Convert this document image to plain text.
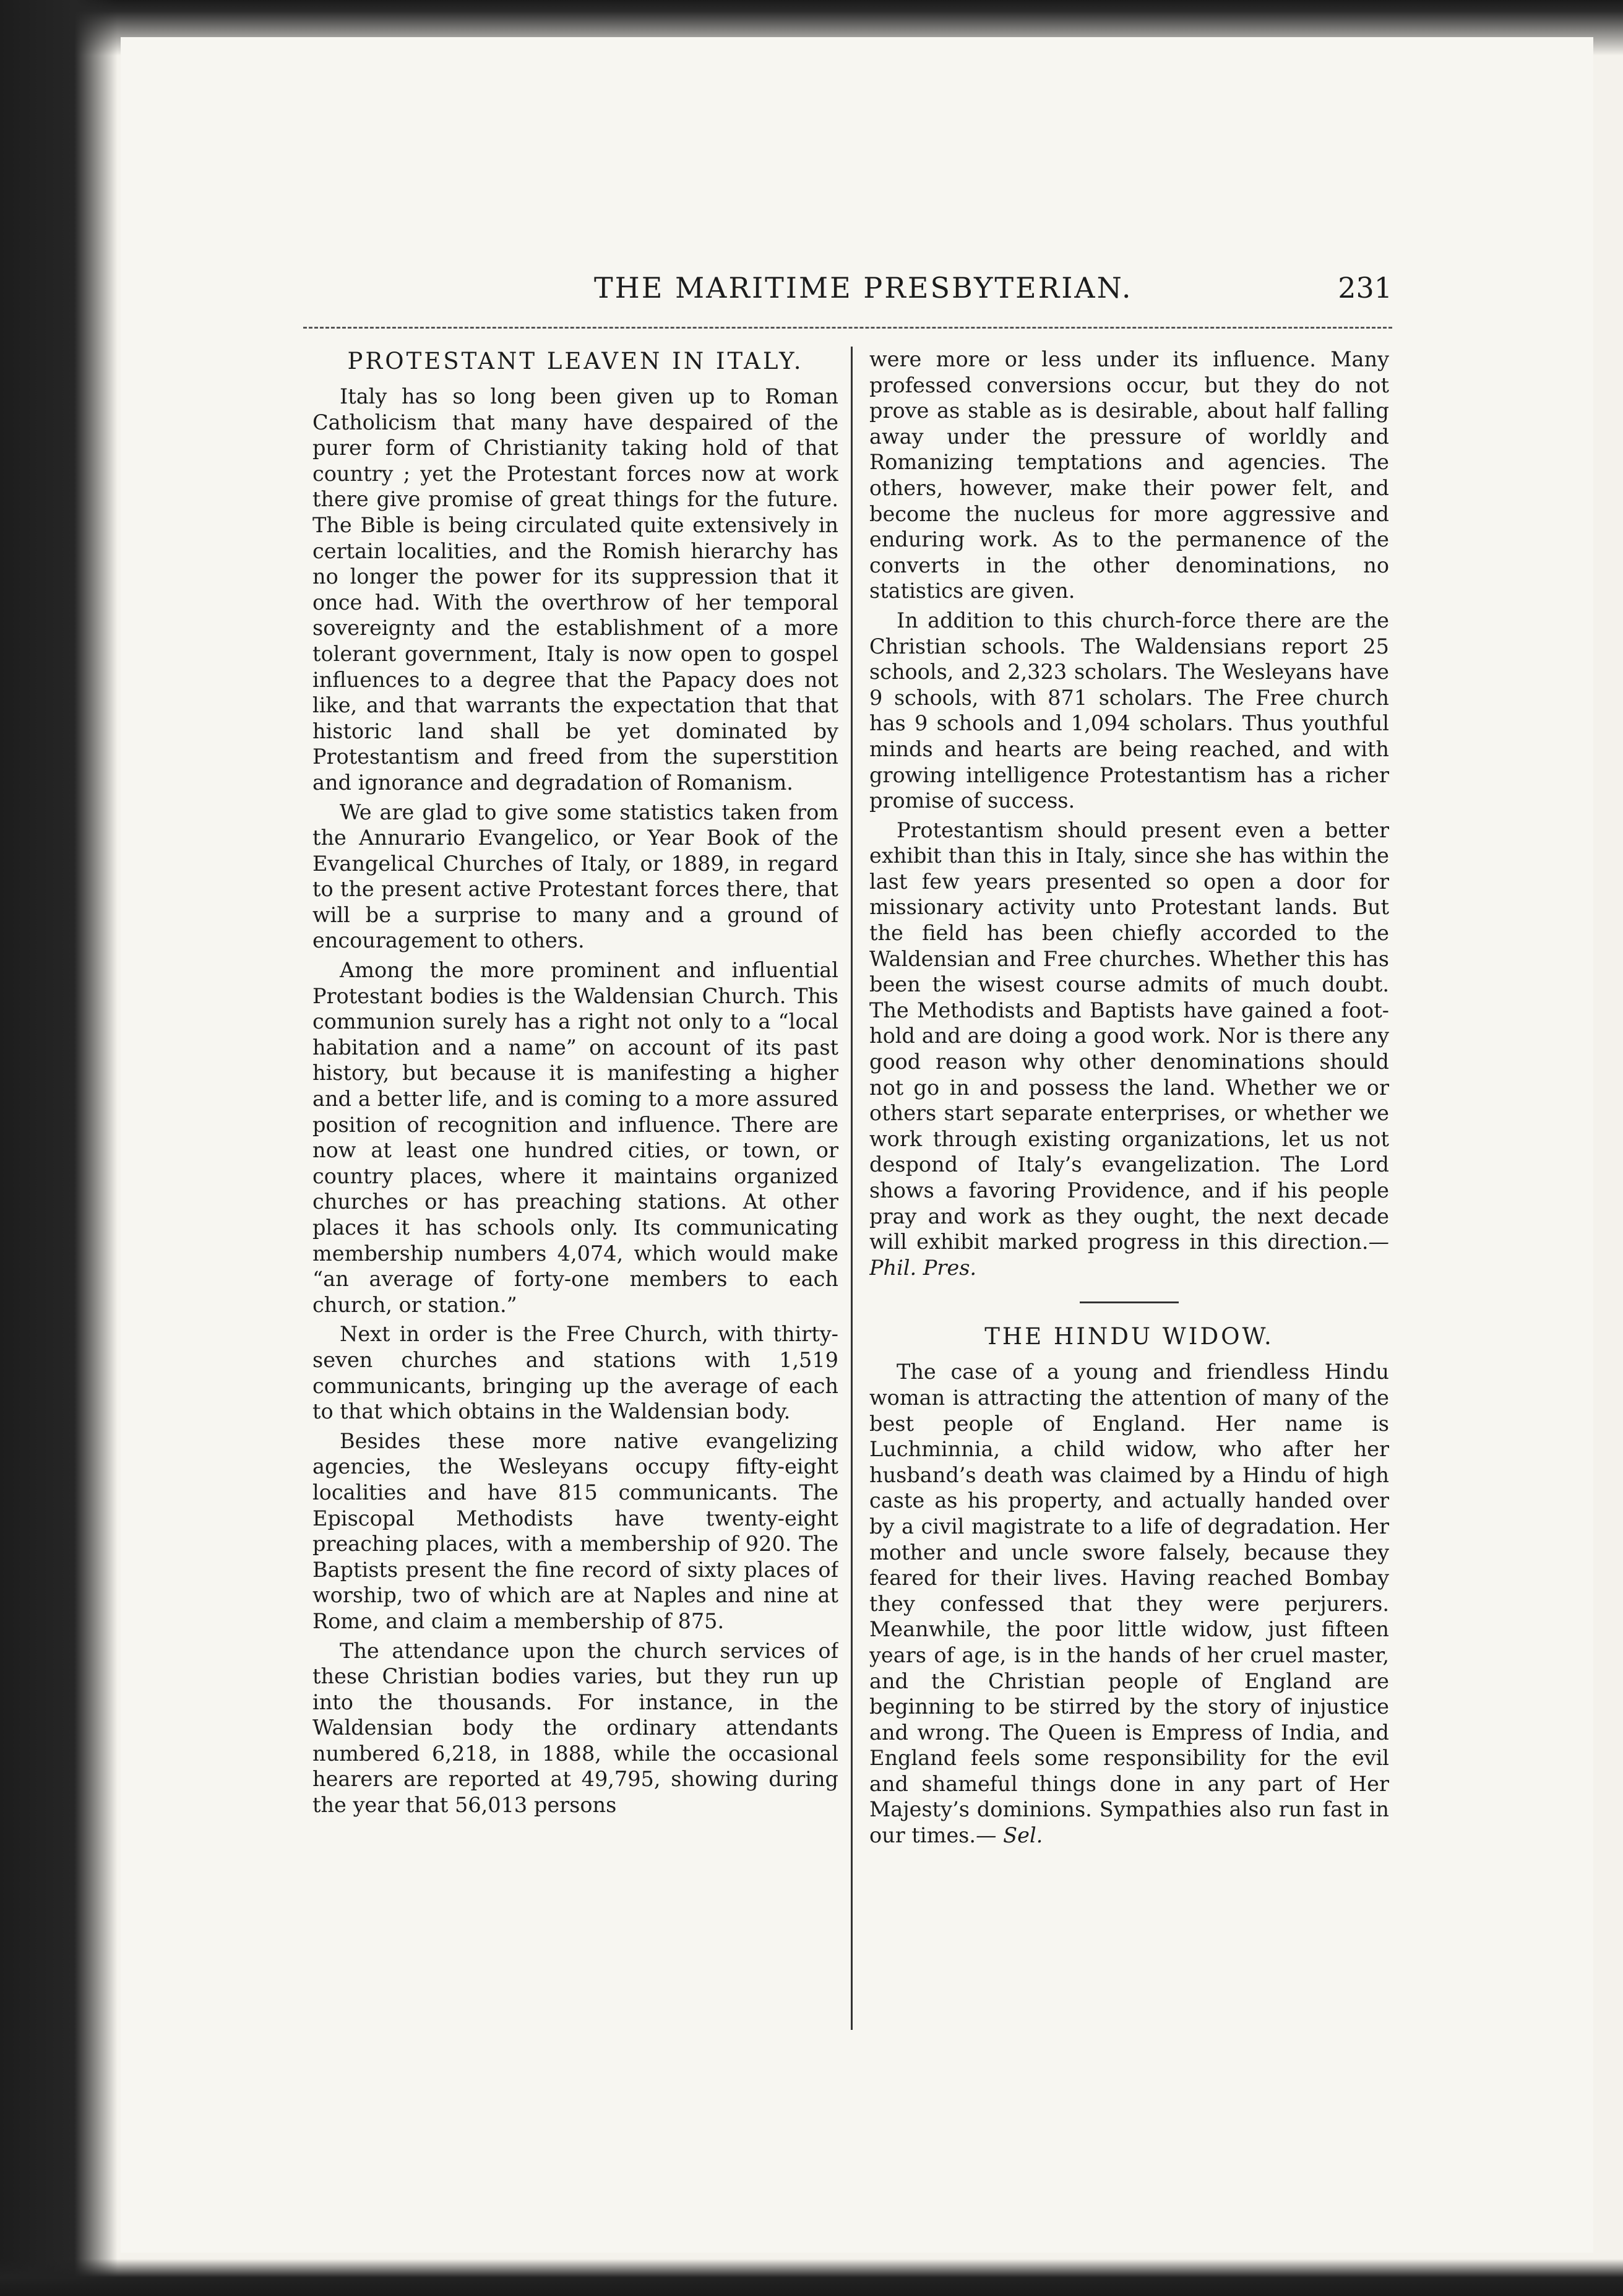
THE MARITIME PRESBYTERIAN.	231
PROTESTANT LEAVEN IN ITALY.

Italy has so long been given up to Roman Catholicism that many have despaired of the purer form of Christianity taking hold of that country ; yet the Protestant forces now at work there give promise of great things for the future. The Bible is being circulated quite extensively in certain localities, and the Romish hierarchy has no longer the power for its suppression that it once had. With the overthrow of her temporal sovereignty and the establishment of a more tolerant government, Italy is now open to gospel influences to a degree that the Papacy does not like, and that warrants the expectation that that historic land shall be yet dominated by Protestantism and freed from the superstition and ignorance and degradation of Romanism.

We are glad to give some statistics taken from the Annurario Evangelico, or Year Book of the Evangelical Churches of Italy, or 1889, in regard to the present active Protestant forces there, that will be a surprise to many and a ground of encouragement to others.

Among the more prominent and influential Protestant bodies is the Waldensian Church. This communion surely has a right not only to a “local habitation and a name” on account of its past history, but because it is manifesting a higher and a better life, and is coming to a more assured position of recognition and influence. There are now at least one hundred cities, or town, or country places, where it maintains organized churches or has preaching stations. At other places it has schools only. Its communicating membership numbers 4,074, which would make “an average of forty-one members to each church, or station.”

Next in order is the Free Church, with thirty-seven churches and stations with 1,519 communicants, bringing up the average of each to that which obtains in the Waldensian body.

Besides these more native evangelizing agencies, the Wesleyans occupy fifty-eight localities and have 815 communicants. The Episcopal Methodists have twenty-eight preaching places, with a membership of 920. The Baptists present the fine record of sixty places of worship, two of which are at Naples and nine at Rome, and claim a membership of 875.

The attendance upon the church services of these Christian bodies varies, but they run up into the thousands. For instance, in the Waldensian body the ordinary attendants numbered 6,218, in 1888, while the occasional hearers are reported at 49,795, showing during the year that 56,013 persons

were more or less under its influence. Many professed conversions occur, but they do not prove as stable as is desirable, about half falling away under the pressure of worldly and Romanizing temptations and agencies. The others, however, make their power felt, and become the nucleus for more aggressive and enduring work. As to the permanence of the converts in the other denominations, no statistics are given.

In addition to this church-force there are the Christian schools. The Waldensians report 25 schools, and 2,323 scholars. The Wesleyans have 9 schools, with 871 scholars. The Free church has 9 schools and 1,094 scholars. Thus youthful minds and hearts are being reached, and with growing intelligence Protestantism has a richer promise of success.

Protestantism should present even a better exhibit than this in Italy, since she has within the last few years presented so open a door for missionary activity unto Protestant lands. But the field has been chiefly accorded to the Waldensian and Free churches. Whether this has been the wisest course admits of much doubt. The Methodists and Baptists have gained a foot-hold and are doing a good work. Nor is there any good reason why other denominations should not go in and possess the land. Whether we or others start separate enterprises, or whether we work through existing organizations, let us not despond of Italy’s evangelization. The Lord shows a favoring Providence, and if his people pray and work as they ought, the next decade will exhibit marked progress in this direction.—Phil. Pres.

THE HINDU WIDOW.

The case of a young and friendless Hindu woman is attracting the attention of many of the best people of England. Her name is Luchminnia, a child widow, who after her husband’s death was claimed by a Hindu of high caste as his property, and actually handed over by a civil magistrate to a life of degradation. Her mother and uncle swore falsely, because they feared for their lives. Having reached Bombay they confessed that they were perjurers. Meanwhile, the poor little widow, just fifteen years of age, is in the hands of her cruel master, and the Christian people of England are beginning to be stirred by the story of injustice and wrong. The Queen is Empress of India, and England feels some responsibility for the evil and shameful things done in any part of Her Majesty’s dominions. Sympathies also run fast in our times.— Sel.
